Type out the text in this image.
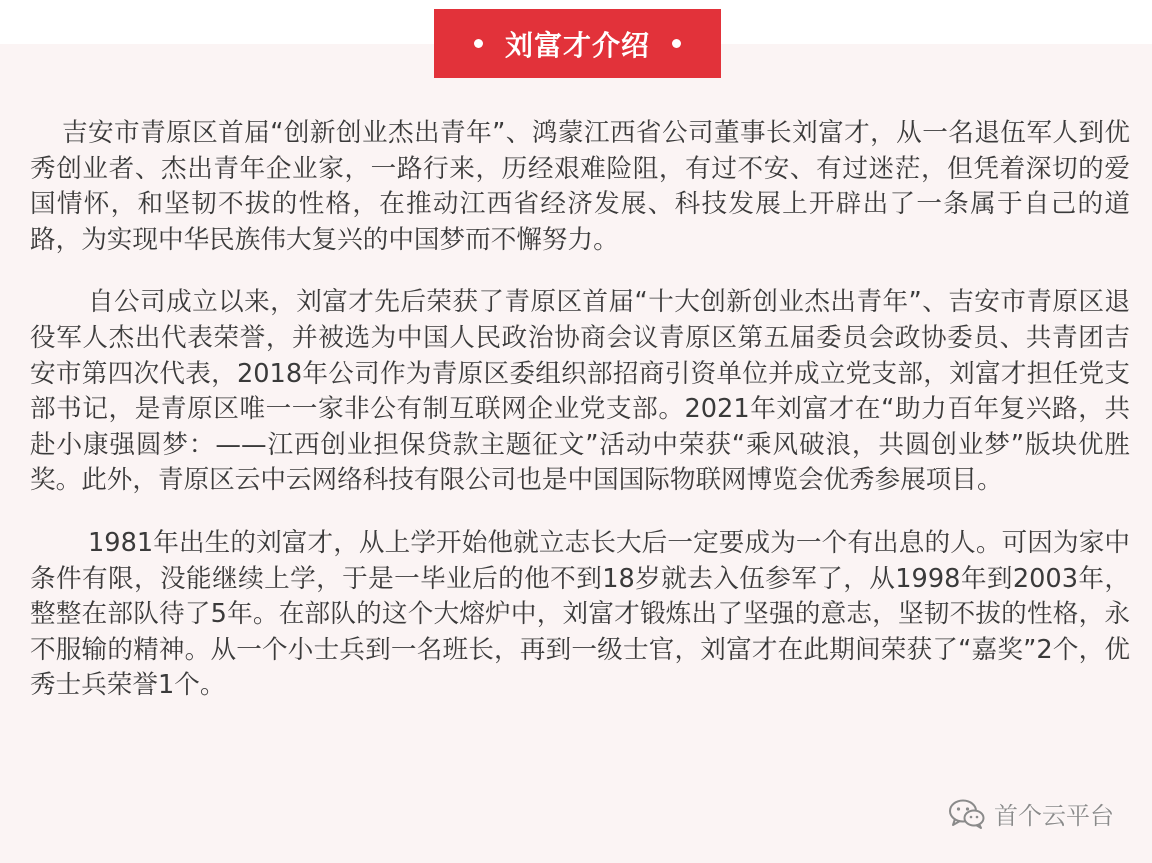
刘富才介绍

吉安市青原区首届“创新创业杰出青年”、鸿蒙江西省公司董事长刘富才，从一名退伍军人到优秀创业者、杰出青年企业家，一路行来，历经艰难险阻，有过不安、有过迷茫，但凭着深切的爱国情怀，和坚韧不拔的性格，在推动江西省经济发展、科技发展上开辟出了一条属于自己的道路，为实现中华民族伟大复兴的中国梦而不懈努力。

自公司成立以来，刘富才先后荣获了青原区首届“十大创新创业杰出青年”、吉安市青原区退役军人杰出代表荣誉，并被选为中国人民政治协商会议青原区第五届委员会政协委员、共青团吉安市第四次代表，2018年公司作为青原区委组织部招商引资单位并成立党支部，刘富才担任党支部书记，是青原区唯一一家非公有制互联网企业党支部。2021年刘富才在“助力百年复兴路，共赴小康强圆梦：——江西创业担保贷款主题征文”活动中荣获“乘风破浪，共圆创业梦”版块优胜奖。此外，青原区云中云网络科技有限公司也是中国国际物联网博览会优秀参展项目。

1981年出生的刘富才，从上学开始他就立志长大后一定要成为一个有出息的人。可因为家中条件有限，没能继续上学，于是一毕业后的他不到18岁就去入伍参军了，从1998年到2003年，整整在部队待了5年。在部队的这个大熔炉中，刘富才锻炼出了坚强的意志，坚韧不拔的性格，永不服输的精神。从一个小士兵到一名班长，再到一级士官，刘富才在此期间荣获了“嘉奖”2个，优秀士兵荣誉1个。

首个云平台
